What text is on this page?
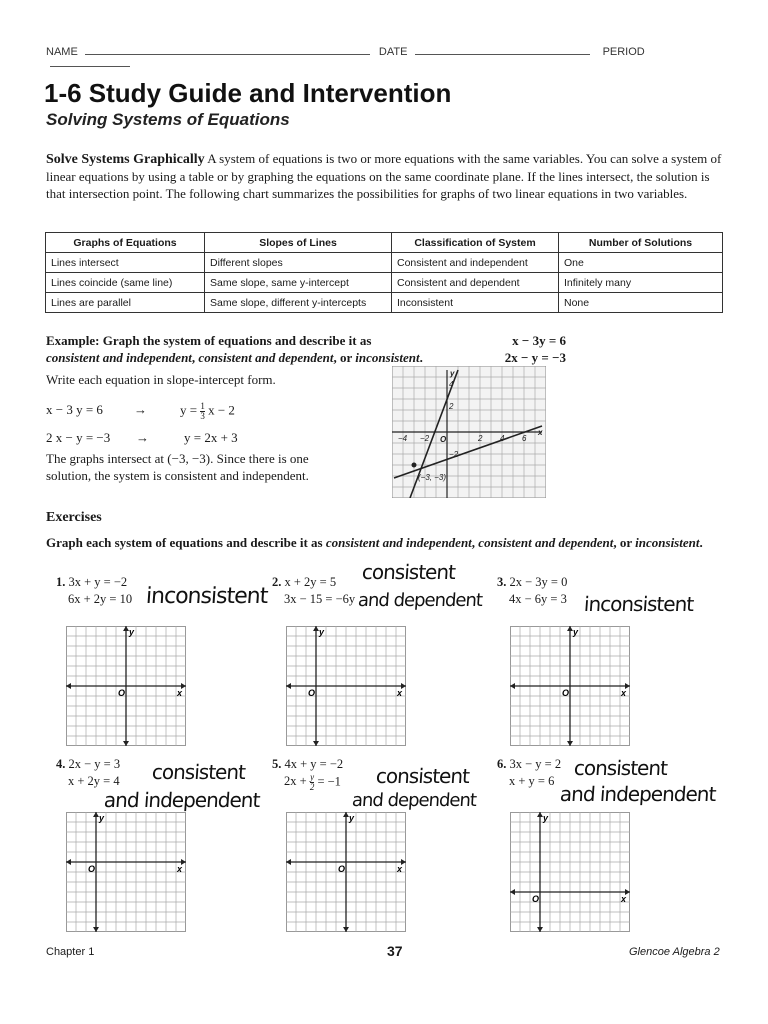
NAME	DATE	PERIOD
1-6 Study Guide and Intervention
Solving Systems of Equations
Solve Systems Graphically A system of equations is two or more equations with the same variables. You can solve a system of linear equations by using a table or by graphing the equations on the same coordinate plane. If the lines intersect, the solution is that intersection point. The following chart summarizes the possibilities for graphs of two linear equations in two variables.
Graphs of Equations	Slopes of Lines	Classification of System	Number of Solutions
Lines intersect	Different slopes	Consistent and independent	One
Lines coincide (same line)	Same slope, same y-intercept	Consistent and dependent	Infinitely many
Lines are parallel	Same slope, different y-intercepts	Inconsistent	None
Example: Graph the system of equations and describe it as
consistent and independent, consistent and dependent, or inconsistent.
x − 3y = 6
2x − y = −3
Write each equation in slope-intercept form.
x − 3 y = 6 →	$y = \frac{1}{3}$ x − 2
2 x − y = −3 →	y = 2x + 3
The graphs intersect at (−3, −3). Since there is one solution, the system is consistent and independent.
−4 −2	2 4 6
4
2
−2
x
y
O
(−3, −3)
Exercises
Graph each system of equations and describe it as consistent and independent, consistent and dependent, or inconsistent.
1. 3x + y = −2
6x + 2y = 10 inconsistent
2. x + 2y = 5
3x − 15 = −6y
consistent
and dependent
3. 2x − 3y = 0
4x − 6y = 3 inconsistent
4. 2x − y = 3
x + 2y = 4 consistent
and independent
5. 4x + y = −2
$2x + \frac{y}{2} = -1$ consistent
and dependent
6. 3x − y = 2
x + y = 6
consistent
and independent
x
y
O	x
y
O	x
y
O
x
y
O	x
y
O
x
y
O
Chapter 1	37	Glencoe Algebra 2
